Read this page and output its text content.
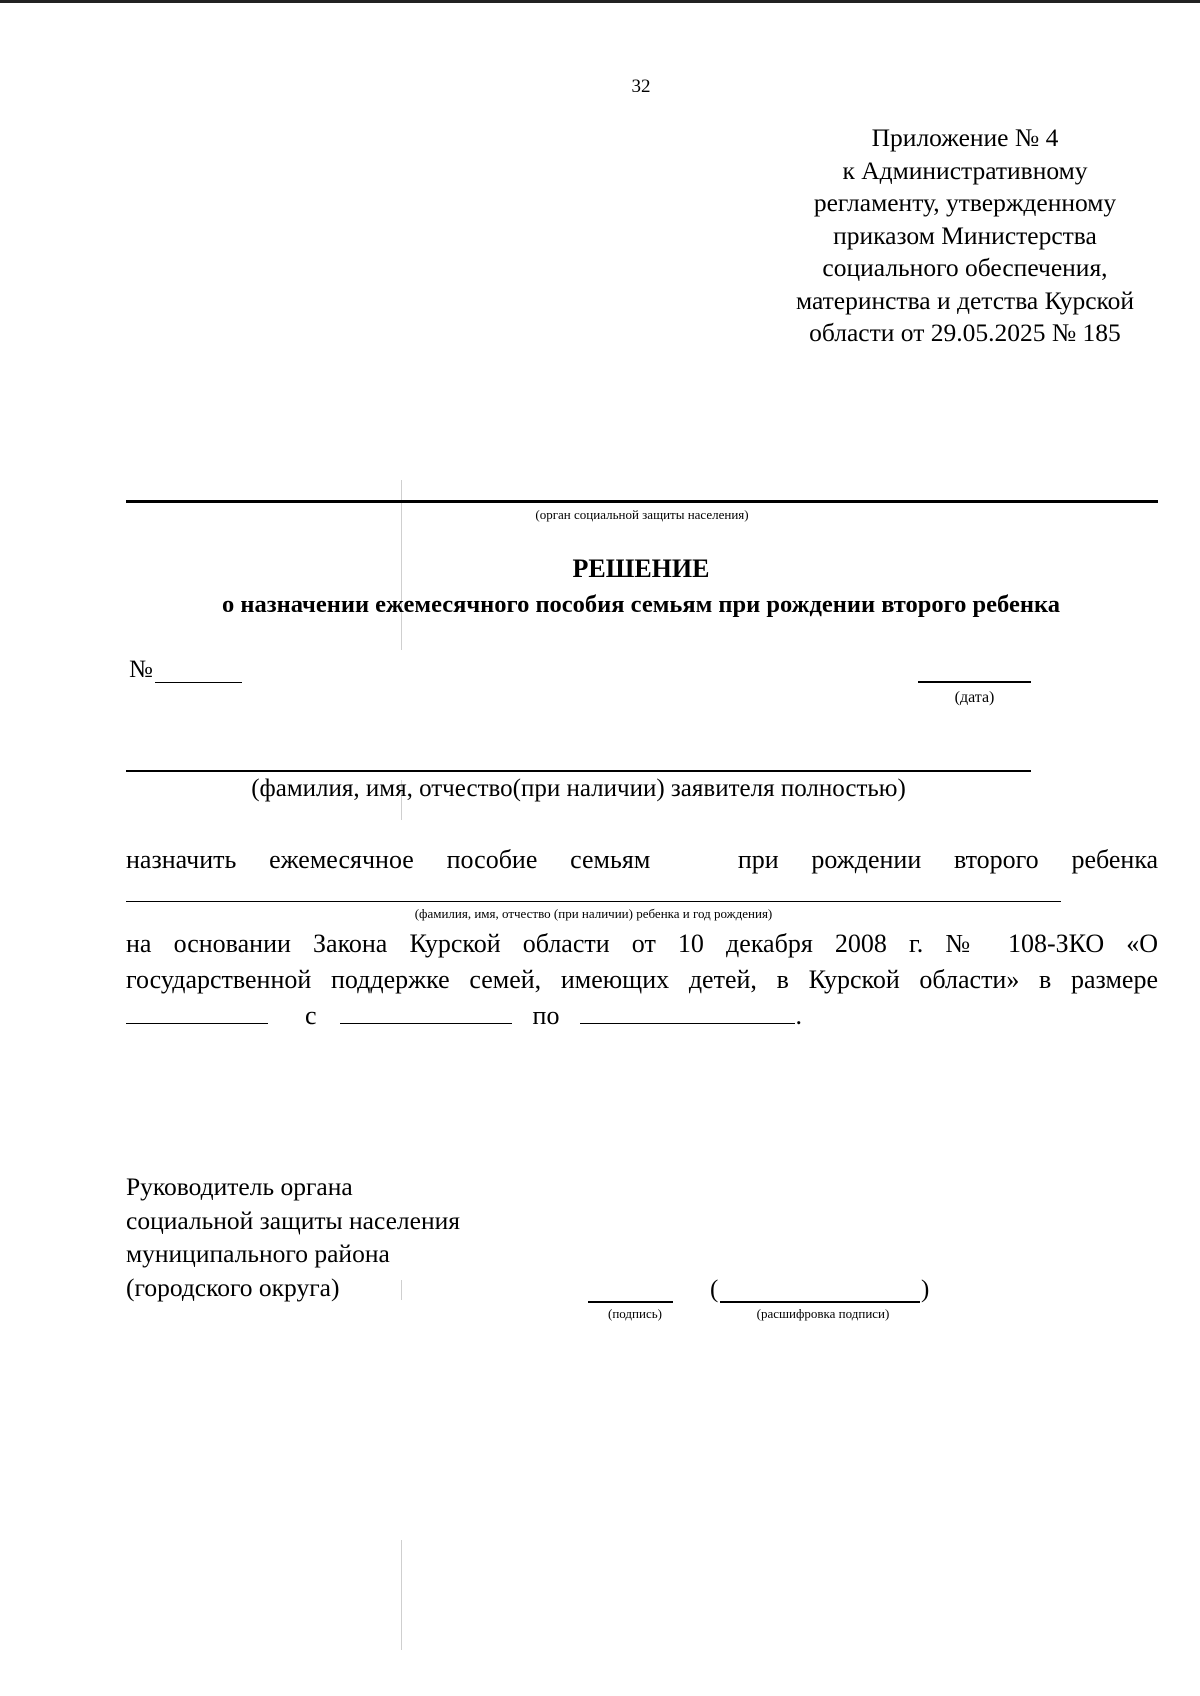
32
Приложение № 4
к Административному
регламенту, утвержденному
приказом Министерства
социального обеспечения,
материнства и детства Курской
области от 29.05.2025 № 185
(орган социальной защиты населения)
РЕШЕНИЕ
о назначении ежемесячного пособия семьям при рождении второго ребенка
№
(дата)
(фамилия, имя, отчество(при наличии) заявителя полностью)
назначить ежемесячное пособие семьям	при рождении второго ребенка
(фамилия, имя, отчество (при наличии) ребенка и год рождения)
на основании Закона Курской области от 10 декабря 2008 г. № 108-ЗКО «О
государственной поддержке семей, имеющих детей, в Курской области» в размере
с	по	.
Руководитель органа
социальной защиты населения
муниципального района
(городского округа)
(подпись)
(	)
(расшифровка подписи)
